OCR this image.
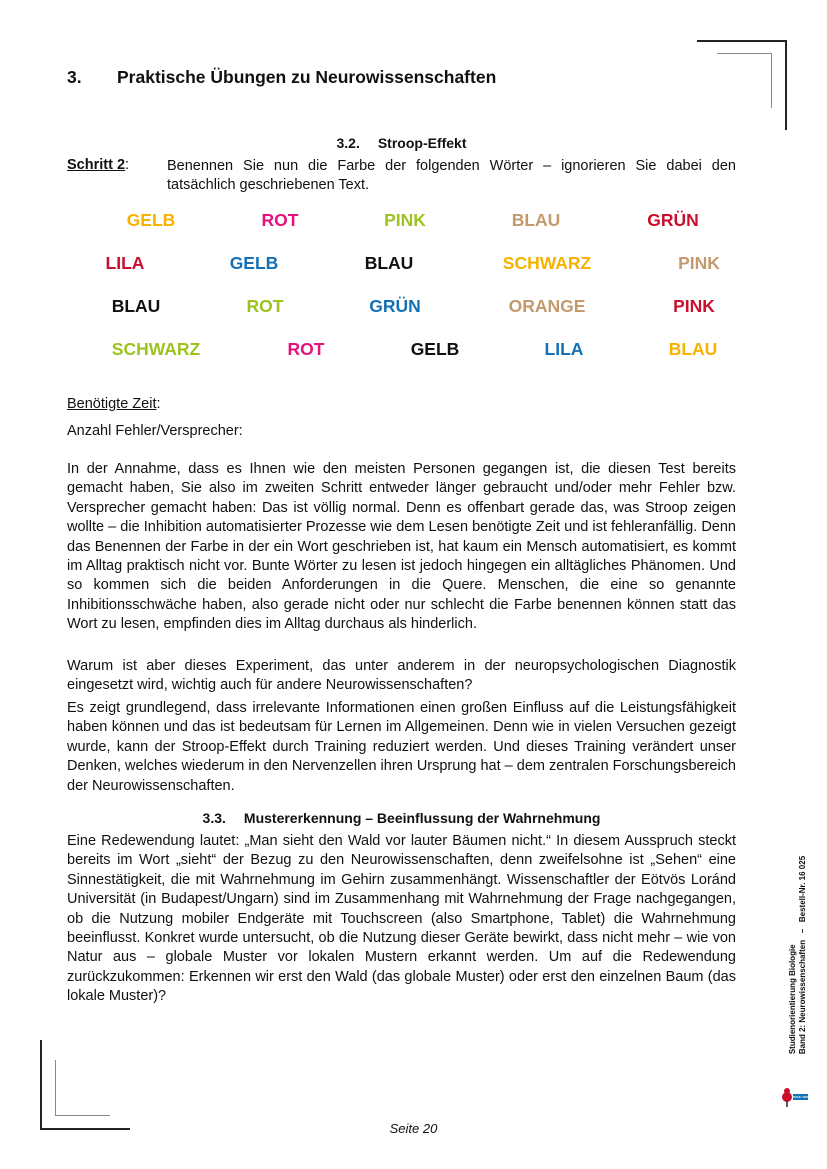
3. Praktische Übungen zu Neurowissenschaften
3.2. Stroop-Effekt
Schritt 2:	Benennen Sie nun die Farbe der folgenden Wörter – ignorieren Sie dabei den tatsächlich geschriebenen Text.

GELB	ROT	PINK	BLAU	GRÜN
LILA	GELB	BLAU	SCHWARZ	PINK
BLAU	ROT	GRÜN	ORANGE	PINK
SCHWARZ	ROT	GELB	LILA	BLAU

Benötigte Zeit:

Anzahl Fehler/Versprecher:

In der Annahme, dass es Ihnen wie den meisten Personen gegangen ist, die diesen Test bereits gemacht haben, Sie also im zweiten Schritt entweder länger gebraucht und/oder mehr Fehler bzw. Versprecher gemacht haben: Das ist völlig normal. Denn es offenbart gerade das, was Stroop zeigen wollte – die Inhibition automatisierter Prozesse wie dem Lesen benötigte Zeit und ist fehleranfällig. Denn das Benennen der Farbe in der ein Wort geschrieben ist, hat kaum ein Mensch automatisiert, es kommt im Alltag praktisch nicht vor. Bunte Wörter zu lesen ist jedoch hingegen ein alltägliches Phänomen. Und so kommen sich die beiden Anforderungen in die Quere. Menschen, die eine so genannte Inhibitionsschwäche haben, also gerade nicht oder nur schlecht die Farbe benennen können statt das Wort zu lesen, empfinden dies im Alltag durchaus als hinderlich.

Warum ist aber dieses Experiment, das unter anderem in der neuropsychologischen Diagnostik eingesetzt wird, wichtig auch für andere Neurowissenschaften?

Es zeigt grundlegend, dass irrelevante Informationen einen großen Einfluss auf die Leistungsfähigkeit haben können und das ist bedeutsam für Lernen im Allgemeinen. Denn wie in vielen Versuchen gezeigt wurde, kann der Stroop-Effekt durch Training reduziert werden. Und dieses Training verändert unser Denken, welches wiederum in den Nervenzellen ihren Ursprung hat – dem zentralen Forschungsbereich der Neurowissenschaften.

3.3. Mustererkennung – Beeinflussung der Wahrnehmung

Eine Redewendung lautet: „Man sieht den Wald vor lauter Bäumen nicht.“ In diesem Ausspruch steckt bereits im Wort „sieht“ der Bezug zu den Neurowissenschaften, denn zweifelsohne ist „Sehen“ eine Sinnestätigkeit, die mit Wahrnehmung im Gehirn zusammenhängt. Wissenschaftler der Eötvös Loránd Universität (in Budapest/Ungarn) sind im Zusammenhang mit Wahrnehmung der Frage nachgegangen, ob die Nutzung mobiler Endgeräte mit Touchscreen (also Smartphone, Tablet) die Wahrnehmung beeinflusst. Konkret wurde untersucht, ob die Nutzung dieser Geräte bewirkt, dass nicht mehr – wie von Natur aus – globale Muster vor lokalen Mustern erkannt werden. Um auf die Redewendung zurückzukommen: Erkennen wir erst den Wald (das globale Muster) oder erst den einzelnen Baum (das lokale Muster)?	Studienorientierung Biologie Band 2: Neurowissenschaften   –   Bestell-Nr. 16 025
KOHL VERLAG
Seite 20
